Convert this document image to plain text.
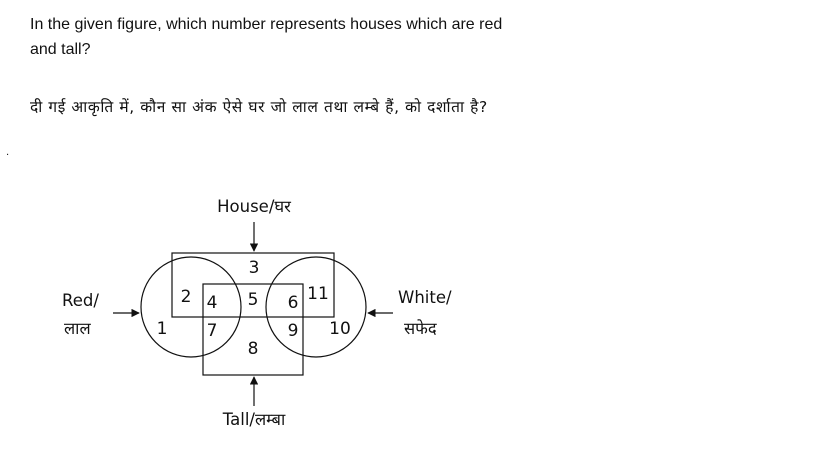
In the given figure, which number represents houses which are red and tall?
दी गई आकृति में, कौन सा अंक ऐसे घर जो लाल तथा लम्बे हैं, को दर्शाता है?
.
House/घर
Red/
लाल
White/
सफेद
Tall/लम्बा
1
2
3
4 5 6
7
8
9 10
11
